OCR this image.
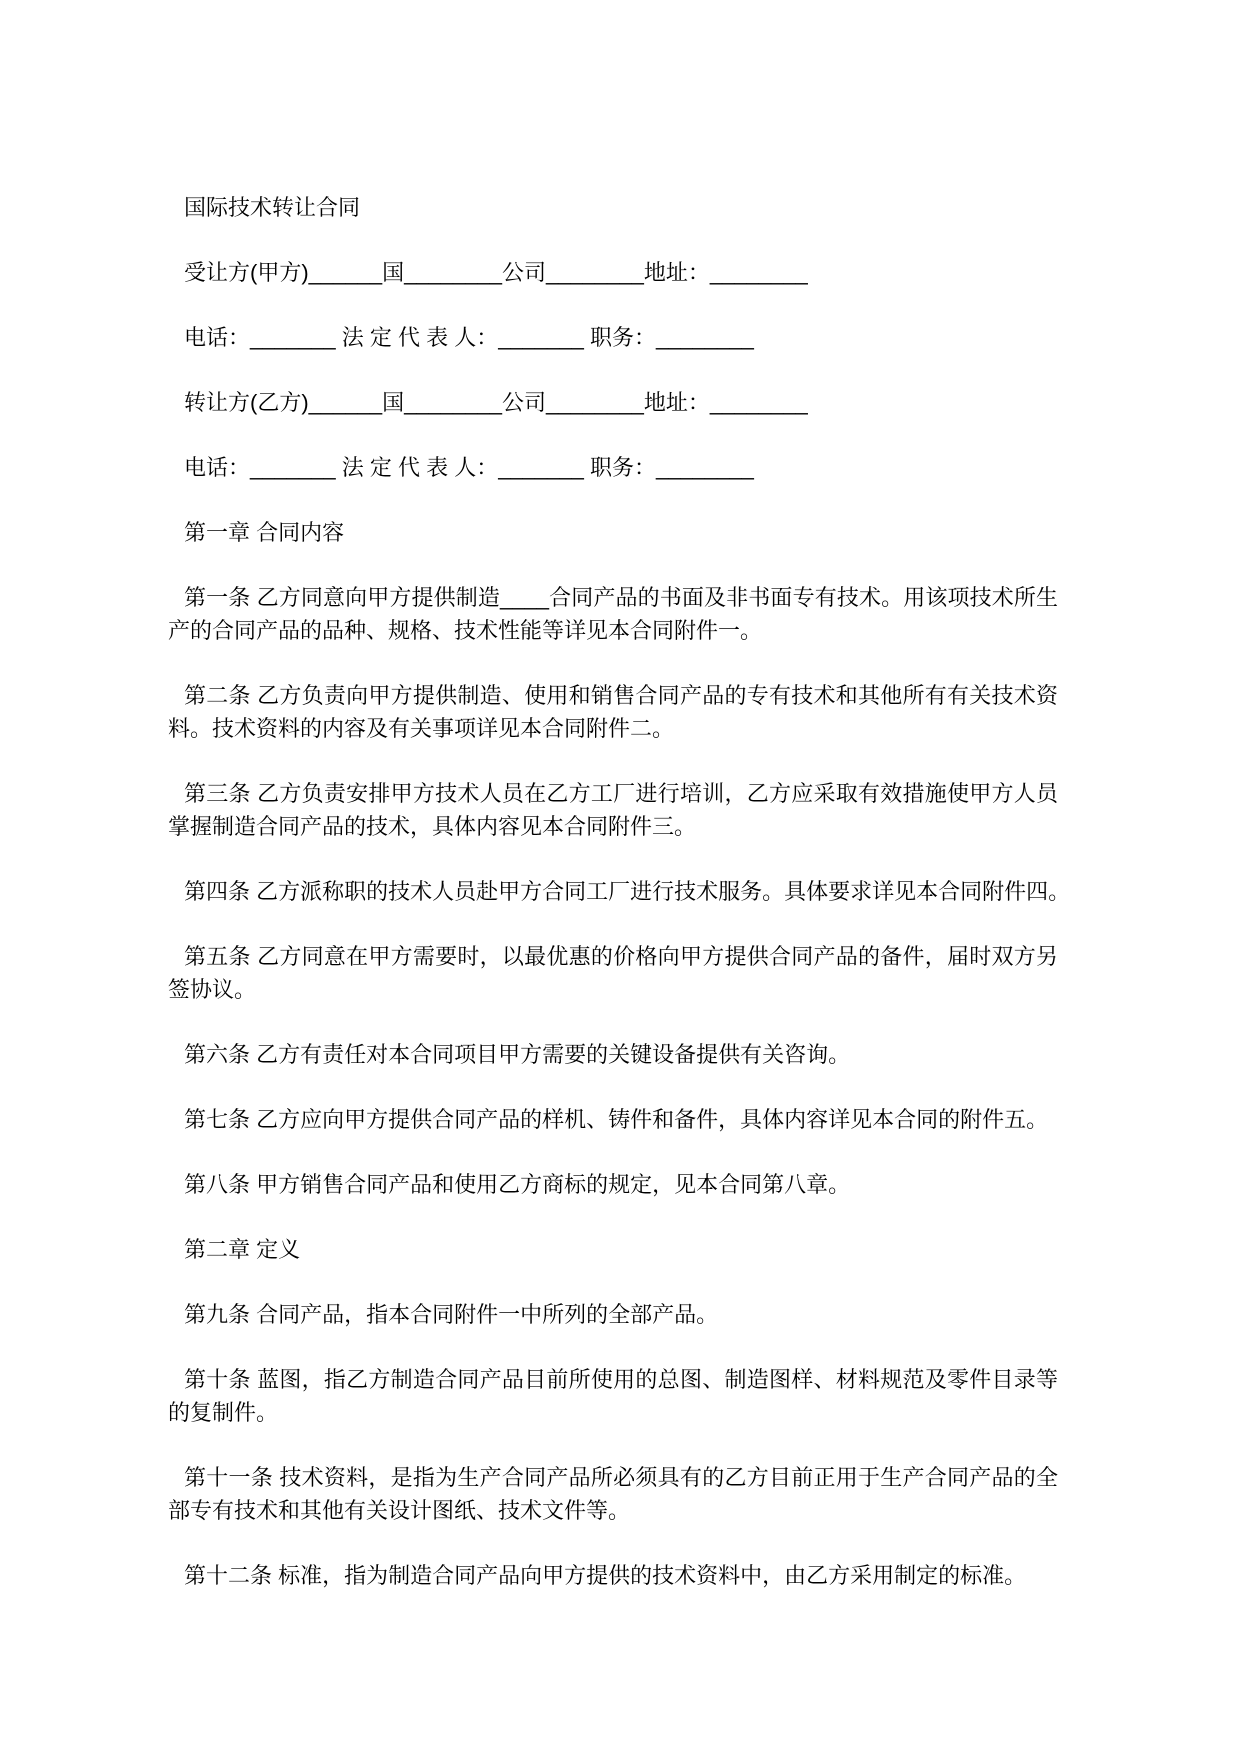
国际技术转让合同
受让方(甲方)______国________公司________地址：________
电话：_______ 法 定 代 表 人：_______ 职务：________
转让方(乙方)______国________公司________地址：________
电话：_______ 法 定 代 表 人：_______ 职务：________
第一章 合同内容
第一条 乙方同意向甲方提供制造____合同产品的书面及非书面专有技术。用该项技术所生
产的合同产品的品种、规格、技术性能等详见本合同附件一。
第二条 乙方负责向甲方提供制造、使用和销售合同产品的专有技术和其他所有有关技术资
料。技术资料的内容及有关事项详见本合同附件二。
第三条 乙方负责安排甲方技术人员在乙方工厂进行培训，乙方应采取有效措施使甲方人员
掌握制造合同产品的技术，具体内容见本合同附件三。
第四条 乙方派称职的技术人员赴甲方合同工厂进行技术服务。具体要求详见本合同附件四。
第五条 乙方同意在甲方需要时，以最优惠的价格向甲方提供合同产品的备件，届时双方另
签协议。
第六条 乙方有责任对本合同项目甲方需要的关键设备提供有关咨询。
第七条 乙方应向甲方提供合同产品的样机、铸件和备件，具体内容详见本合同的附件五。
第八条 甲方销售合同产品和使用乙方商标的规定，见本合同第八章。
第二章 定义
第九条 合同产品，指本合同附件一中所列的全部产品。
第十条 蓝图，指乙方制造合同产品目前所使用的总图、制造图样、材料规范及零件目录等
的复制件。
第十一条 技术资料，是指为生产合同产品所必须具有的乙方目前正用于生产合同产品的全
部专有技术和其他有关设计图纸、技术文件等。
第十二条 标准，指为制造合同产品向甲方提供的技术资料中，由乙方采用制定的标准。
